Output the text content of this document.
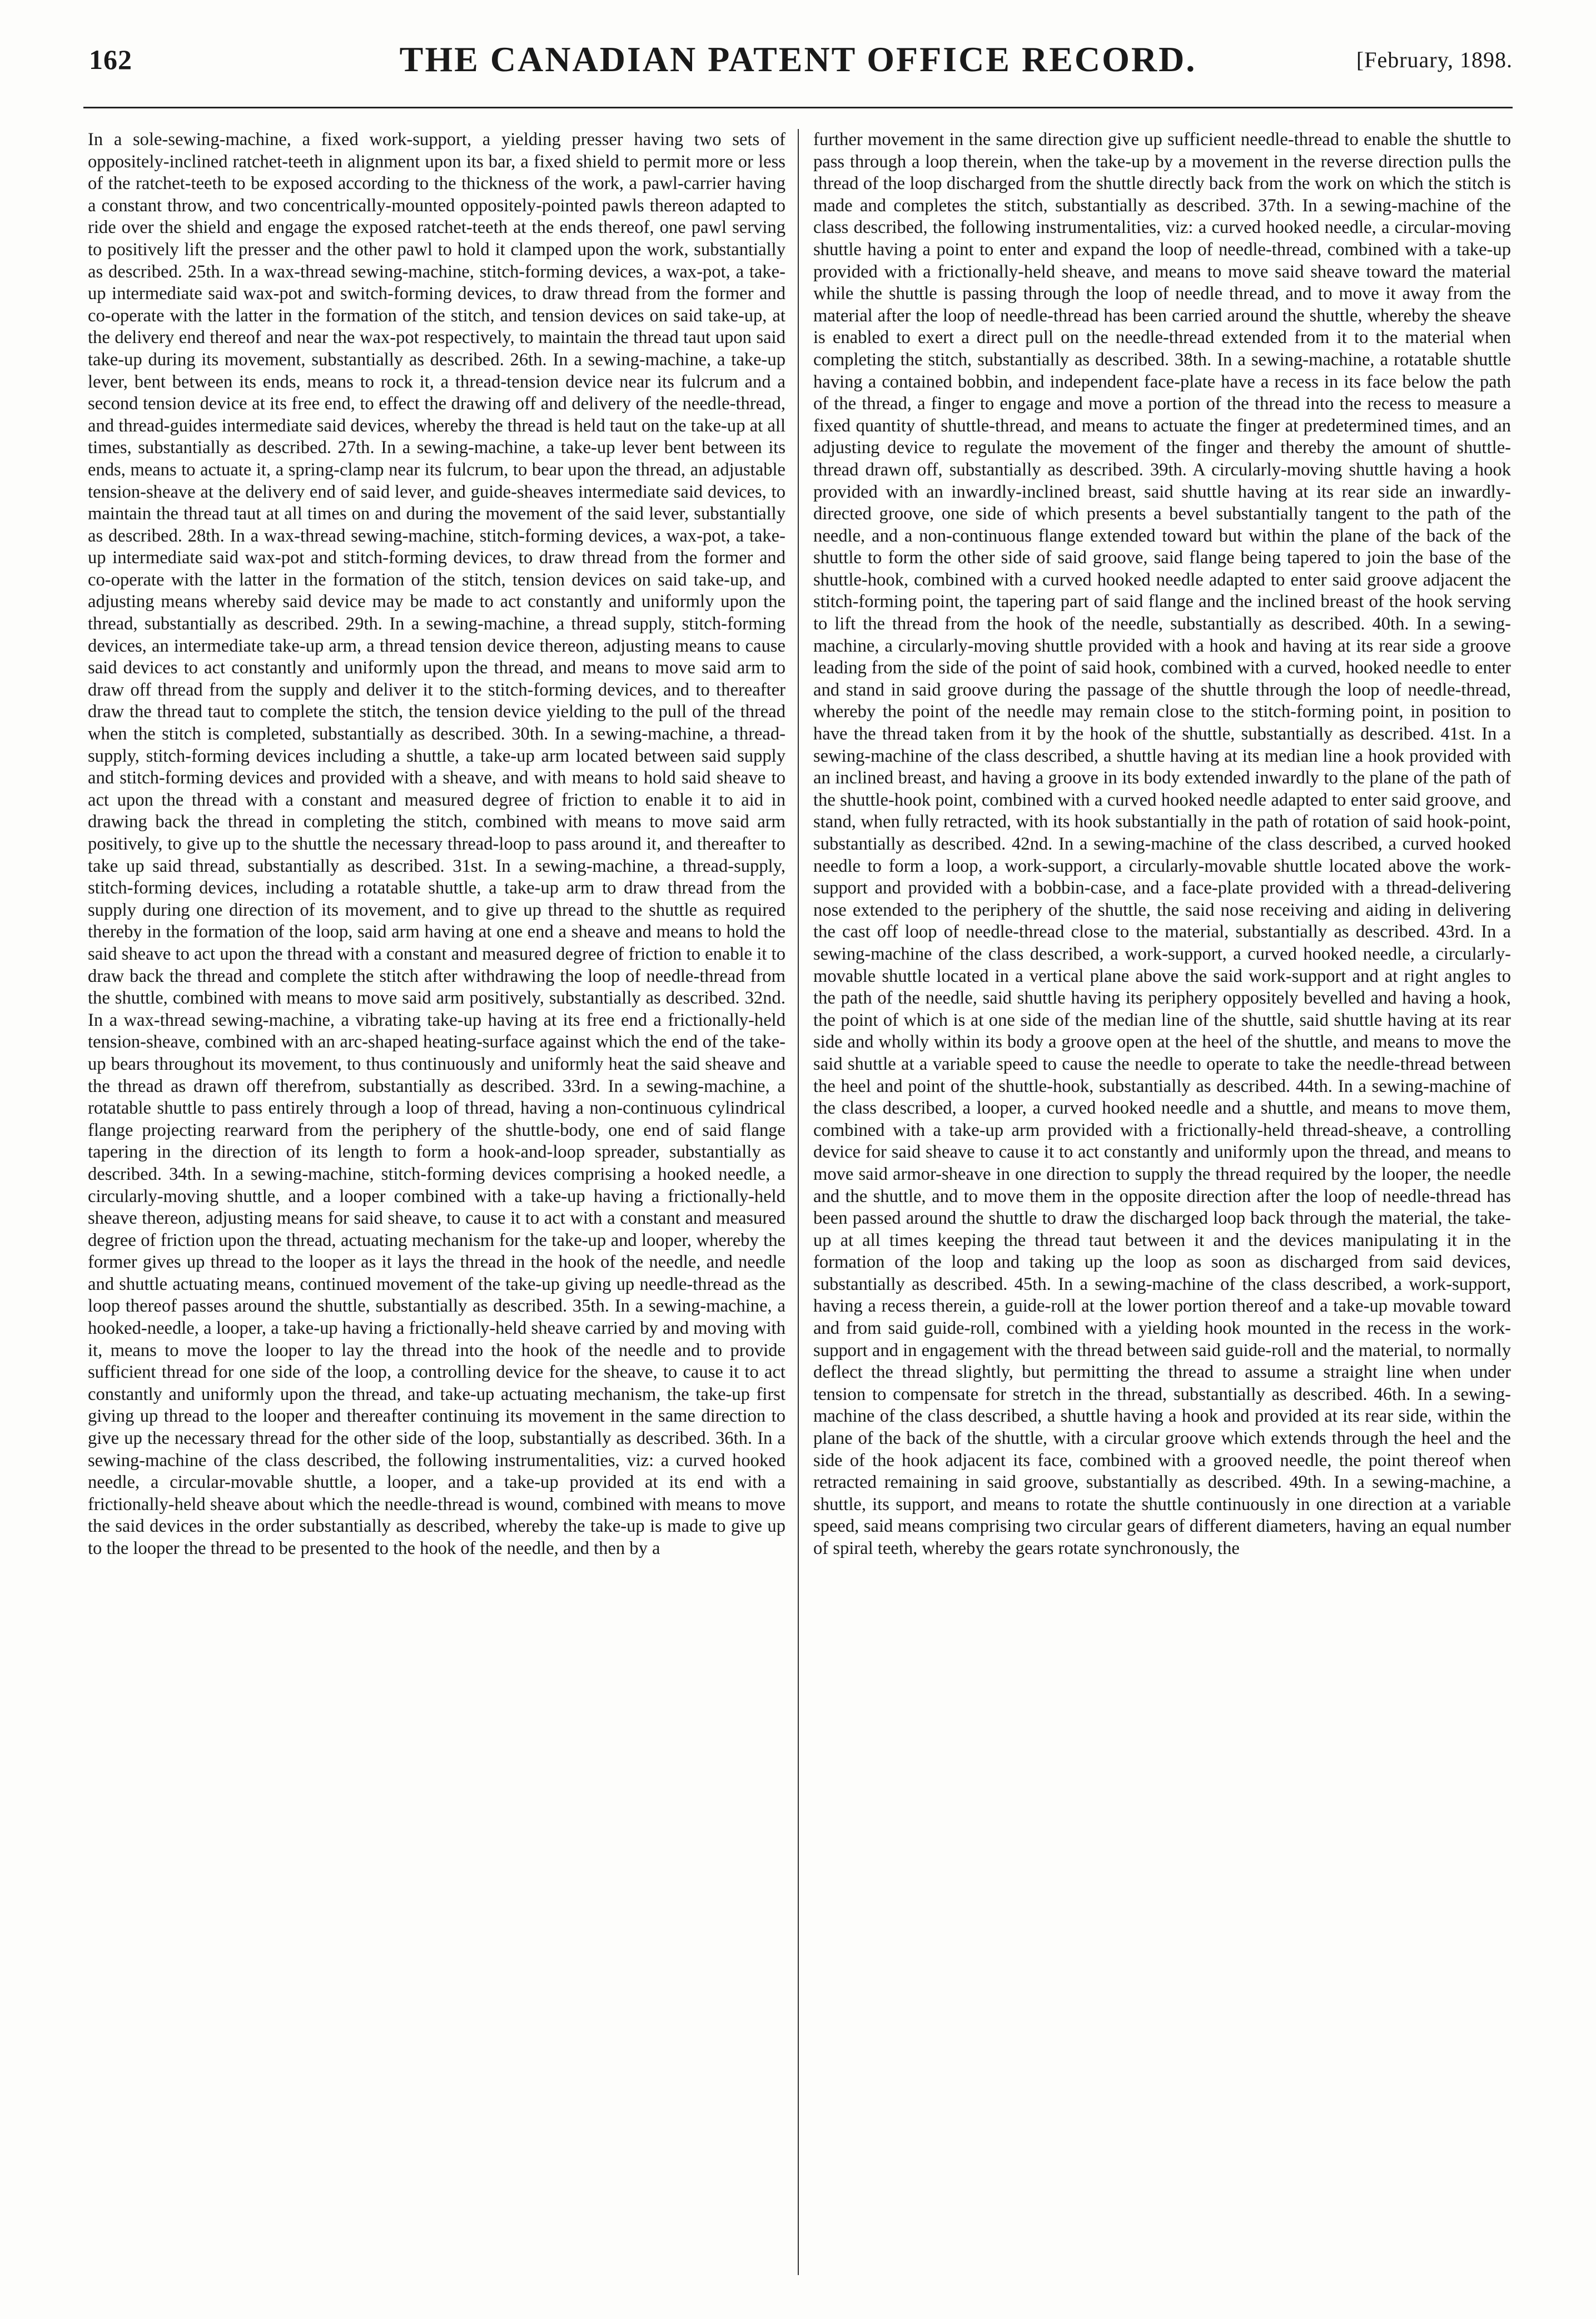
162	THE CANADIAN PATENT OFFICE RECORD.	[February, 1898.

In a sole-sewing-machine, a fixed work-support, a yielding presser having two sets of oppositely-inclined ratchet-teeth in alignment upon its bar, a fixed shield to permit more or less of the ratchet-teeth to be exposed according to the thickness of the work, a pawl-carrier having a constant throw, and two concentrically-mounted oppositely-pointed pawls thereon adapted to ride over the shield and engage the exposed ratchet-teeth at the ends thereof, one pawl serving to positively lift the presser and the other pawl to hold it clamped upon the work, substantially as described. 25th. In a wax-thread sewing-machine, stitch-forming devices, a wax-pot, a take-up intermediate said wax-pot and switch-forming devices, to draw thread from the former and co-operate with the latter in the formation of the stitch, and tension devices on said take-up, at the delivery end thereof and near the wax-pot respectively, to maintain the thread taut upon said take-up during its movement, substantially as described. 26th. In a sewing-machine, a take-up lever, bent between its ends, means to rock it, a thread-tension device near its fulcrum and a second tension device at its free end, to effect the drawing off and delivery of the needle-thread, and thread-guides intermediate said devices, whereby the thread is held taut on the take-up at all times, substantially as described. 27th. In a sewing-machine, a take-up lever bent between its ends, means to actuate it, a spring-clamp near its fulcrum, to bear upon the thread, an adjustable tension-sheave at the delivery end of said lever, and guide-sheaves intermediate said devices, to maintain the thread taut at all times on and during the movement of the said lever, substantially as described. 28th. In a wax-thread sewing-machine, stitch-forming devices, a wax-pot, a take-up intermediate said wax-pot and stitch-forming devices, to draw thread from the former and co-operate with the latter in the formation of the stitch, tension devices on said take-up, and adjusting means whereby said device may be made to act constantly and uniformly upon the thread, substantially as described. 29th. In a sewing-machine, a thread supply, stitch-forming devices, an intermediate take-up arm, a thread tension device thereon, adjusting means to cause said devices to act constantly and uniformly upon the thread, and means to move said arm to draw off thread from the supply and deliver it to the stitch-forming devices, and to thereafter draw the thread taut to complete the stitch, the tension device yielding to the pull of the thread when the stitch is completed, substantially as described. 30th. In a sewing-machine, a thread-supply, stitch-forming devices including a shuttle, a take-up arm located between said supply and stitch-forming devices and provided with a sheave, and with means to hold said sheave to act upon the thread with a constant and measured degree of friction to enable it to aid in drawing back the thread in completing the stitch, combined with means to move said arm positively, to give up to the shuttle the necessary thread-loop to pass around it, and thereafter to take up said thread, substantially as described. 31st. In a sewing-machine, a thread-supply, stitch-forming devices, including a rotatable shuttle, a take-up arm to draw thread from the supply during one direction of its movement, and to give up thread to the shuttle as required thereby in the formation of the loop, said arm having at one end a sheave and means to hold the said sheave to act upon the thread with a constant and measured degree of friction to enable it to draw back the thread and complete the stitch after withdrawing the loop of needle-thread from the shuttle, combined with means to move said arm positively, substantially as described. 32nd. In a wax-thread sewing-machine, a vibrating take-up having at its free end a frictionally-held tension-sheave, combined with an arc-shaped heating-surface against which the end of the take-up bears throughout its movement, to thus continuously and uniformly heat the said sheave and the thread as drawn off therefrom, substantially as described. 33rd. In a sewing-machine, a rotatable shuttle to pass entirely through a loop of thread, having a non-continuous cylindrical flange projecting rearward from the periphery of the shuttle-body, one end of said flange tapering in the direction of its length to form a hook-and-loop spreader, substantially as described. 34th. In a sewing-machine, stitch-forming devices comprising a hooked needle, a circularly-moving shuttle, and a looper combined with a take-up having a frictionally-held sheave thereon, adjusting means for said sheave, to cause it to act with a constant and measured degree of friction upon the thread, actuating mechanism for the take-up and looper, whereby the former gives up thread to the looper as it lays the thread in the hook of the needle, and needle and shuttle actuating means, continued movement of the take-up giving up needle-thread as the loop thereof passes around the shuttle, substantially as described. 35th. In a sewing-machine, a hooked-needle, a looper, a take-up having a frictionally-held sheave carried by and moving with it, means to move the looper to lay the thread into the hook of the needle and to provide sufficient thread for one side of the loop, a controlling device for the sheave, to cause it to act constantly and uniformly upon the thread, and take-up actuating mechanism, the take-up first giving up thread to the looper and thereafter continuing its movement in the same direction to give up the necessary thread for the other side of the loop, substantially as described. 36th. In a sewing-machine of the class described, the following instrumentalities, viz: a curved hooked needle, a circular-movable shuttle, a looper, and a take-up provided at its end with a frictionally-held sheave about which the needle-thread is wound, combined with means to move the said devices in the order substantially as described, whereby the take-up is made to give up to the looper the thread to be presented to the hook of the needle, and then by a

further movement in the same direction give up sufficient needle-thread to enable the shuttle to pass through a loop therein, when the take-up by a movement in the reverse direction pulls the thread of the loop discharged from the shuttle directly back from the work on which the stitch is made and completes the stitch, substantially as described. 37th. In a sewing-machine of the class described, the following instrumentalities, viz: a curved hooked needle, a circular-moving shuttle having a point to enter and expand the loop of needle-thread, combined with a take-up provided with a frictionally-held sheave, and means to move said sheave toward the material while the shuttle is passing through the loop of needle thread, and to move it away from the material after the loop of needle-thread has been carried around the shuttle, whereby the sheave is enabled to exert a direct pull on the needle-thread extended from it to the material when completing the stitch, substantially as described. 38th. In a sewing-machine, a rotatable shuttle having a contained bobbin, and independent face-plate have a recess in its face below the path of the thread, a finger to engage and move a portion of the thread into the recess to measure a fixed quantity of shuttle-thread, and means to actuate the finger at predetermined times, and an adjusting device to regulate the movement of the finger and thereby the amount of shuttle-thread drawn off, substantially as described. 39th. A circularly-moving shuttle having a hook provided with an inwardly-inclined breast, said shuttle having at its rear side an inwardly-directed groove, one side of which presents a bevel substantially tangent to the path of the needle, and a non-continuous flange extended toward but within the plane of the back of the shuttle to form the other side of said groove, said flange being tapered to join the base of the shuttle-hook, combined with a curved hooked needle adapted to enter said groove adjacent the stitch-forming point, the tapering part of said flange and the inclined breast of the hook serving to lift the thread from the hook of the needle, substantially as described. 40th. In a sewing-machine, a circularly-moving shuttle provided with a hook and having at its rear side a groove leading from the side of the point of said hook, combined with a curved, hooked needle to enter and stand in said groove during the passage of the shuttle through the loop of needle-thread, whereby the point of the needle may remain close to the stitch-forming point, in position to have the thread taken from it by the hook of the shuttle, substantially as described. 41st. In a sewing-machine of the class described, a shuttle having at its median line a hook provided with an inclined breast, and having a groove in its body extended inwardly to the plane of the path of the shuttle-hook point, combined with a curved hooked needle adapted to enter said groove, and stand, when fully retracted, with its hook substantially in the path of rotation of said hook-point, substantially as described. 42nd. In a sewing-machine of the class described, a curved hooked needle to form a loop, a work-support, a circularly-movable shuttle located above the work-support and provided with a bobbin-case, and a face-plate provided with a thread-delivering nose extended to the periphery of the shuttle, the said nose receiving and aiding in delivering the cast off loop of needle-thread close to the material, substantially as described. 43rd. In a sewing-machine of the class described, a work-support, a curved hooked needle, a circularly-movable shuttle located in a vertical plane above the said work-support and at right angles to the path of the needle, said shuttle having its periphery oppositely bevelled and having a hook, the point of which is at one side of the median line of the shuttle, said shuttle having at its rear side and wholly within its body a groove open at the heel of the shuttle, and means to move the said shuttle at a variable speed to cause the needle to operate to take the needle-thread between the heel and point of the shuttle-hook, substantially as described. 44th. In a sewing-machine of the class described, a looper, a curved hooked needle and a shuttle, and means to move them, combined with a take-up arm provided with a frictionally-held thread-sheave, a controlling device for said sheave to cause it to act constantly and uniformly upon the thread, and means to move said armor-sheave in one direction to supply the thread required by the looper, the needle and the shuttle, and to move them in the opposite direction after the loop of needle-thread has been passed around the shuttle to draw the discharged loop back through the material, the take-up at all times keeping the thread taut between it and the devices manipulating it in the formation of the loop and taking up the loop as soon as discharged from said devices, substantially as described. 45th. In a sewing-machine of the class described, a work-support, having a recess therein, a guide-roll at the lower portion thereof and a take-up movable toward and from said guide-roll, combined with a yielding hook mounted in the recess in the work-support and in engagement with the thread between said guide-roll and the material, to normally deflect the thread slightly, but permitting the thread to assume a straight line when under tension to compensate for stretch in the thread, substantially as described. 46th. In a sewing-machine of the class described, a shuttle having a hook and provided at its rear side, within the plane of the back of the shuttle, with a circular groove which extends through the heel and the side of the hook adjacent its face, combined with a grooved needle, the point thereof when retracted remaining in said groove, substantially as described. 49th. In a sewing-machine, a shuttle, its support, and means to rotate the shuttle continuously in one direction at a variable speed, said means comprising two circular gears of different diameters, having an equal number of spiral teeth, whereby the gears rotate synchronously, the
